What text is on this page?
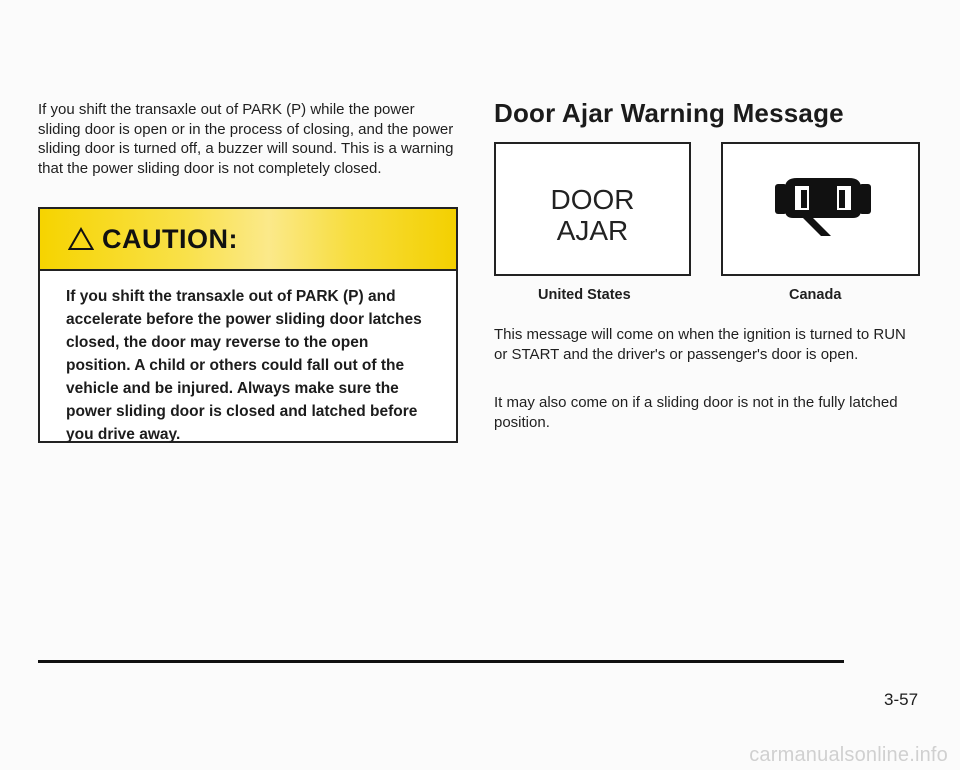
If you shift the transaxle out of PARK (P) while the power sliding door is open or in the process of closing, and the power sliding door is turned off, a buzzer will sound. This is a warning that the power sliding door is not completely closed.

CAUTION:
If you shift the transaxle out of PARK (P) and accelerate before the power sliding door latches closed, the door may reverse to the open position. A child or others could fall out of the vehicle and be injured. Always make sure the power sliding door is closed and latched before you drive away.
Door Ajar Warning Message
DOOR
AJAR
United States	Canada

This message will come on when the ignition is turned to RUN or START and the driver's or passenger's door is open.

It may also come on if a sliding door is not in the fully latched position.

3-57
carmanualsonline.info
